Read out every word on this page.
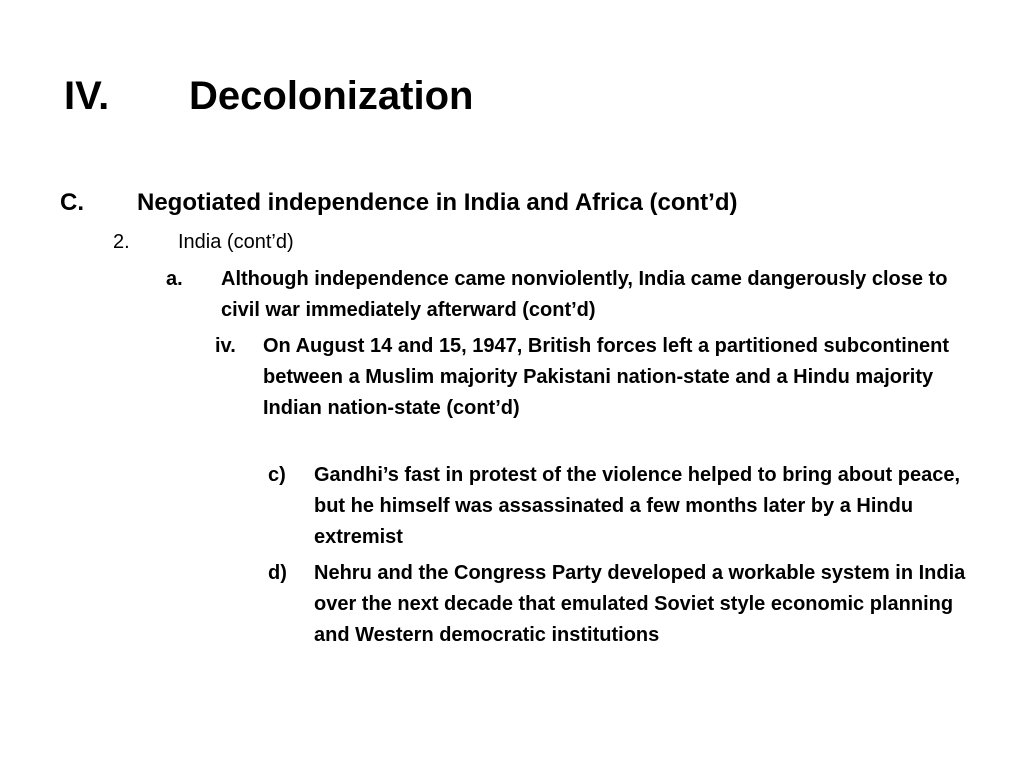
IV. Decolonization
C.	Negotiated independence in India and Africa (cont’d)
2.	India (cont’d)
a.	Although independence came nonviolently, India came dangerously close to civil war immediately afterward (cont’d)
iv.	On August 14 and 15, 1947, British forces left a partitioned subcontinent between a Muslim majority Pakistani nation-state and a Hindu majority Indian nation-state (cont’d)
c)	Gandhi’s fast in protest of the violence helped to bring about peace, but he himself was assassinated a few months later by a Hindu extremist
d)	Nehru and the Congress Party developed a workable system in India over the next decade that emulated Soviet style economic planning and Western democratic institutions
